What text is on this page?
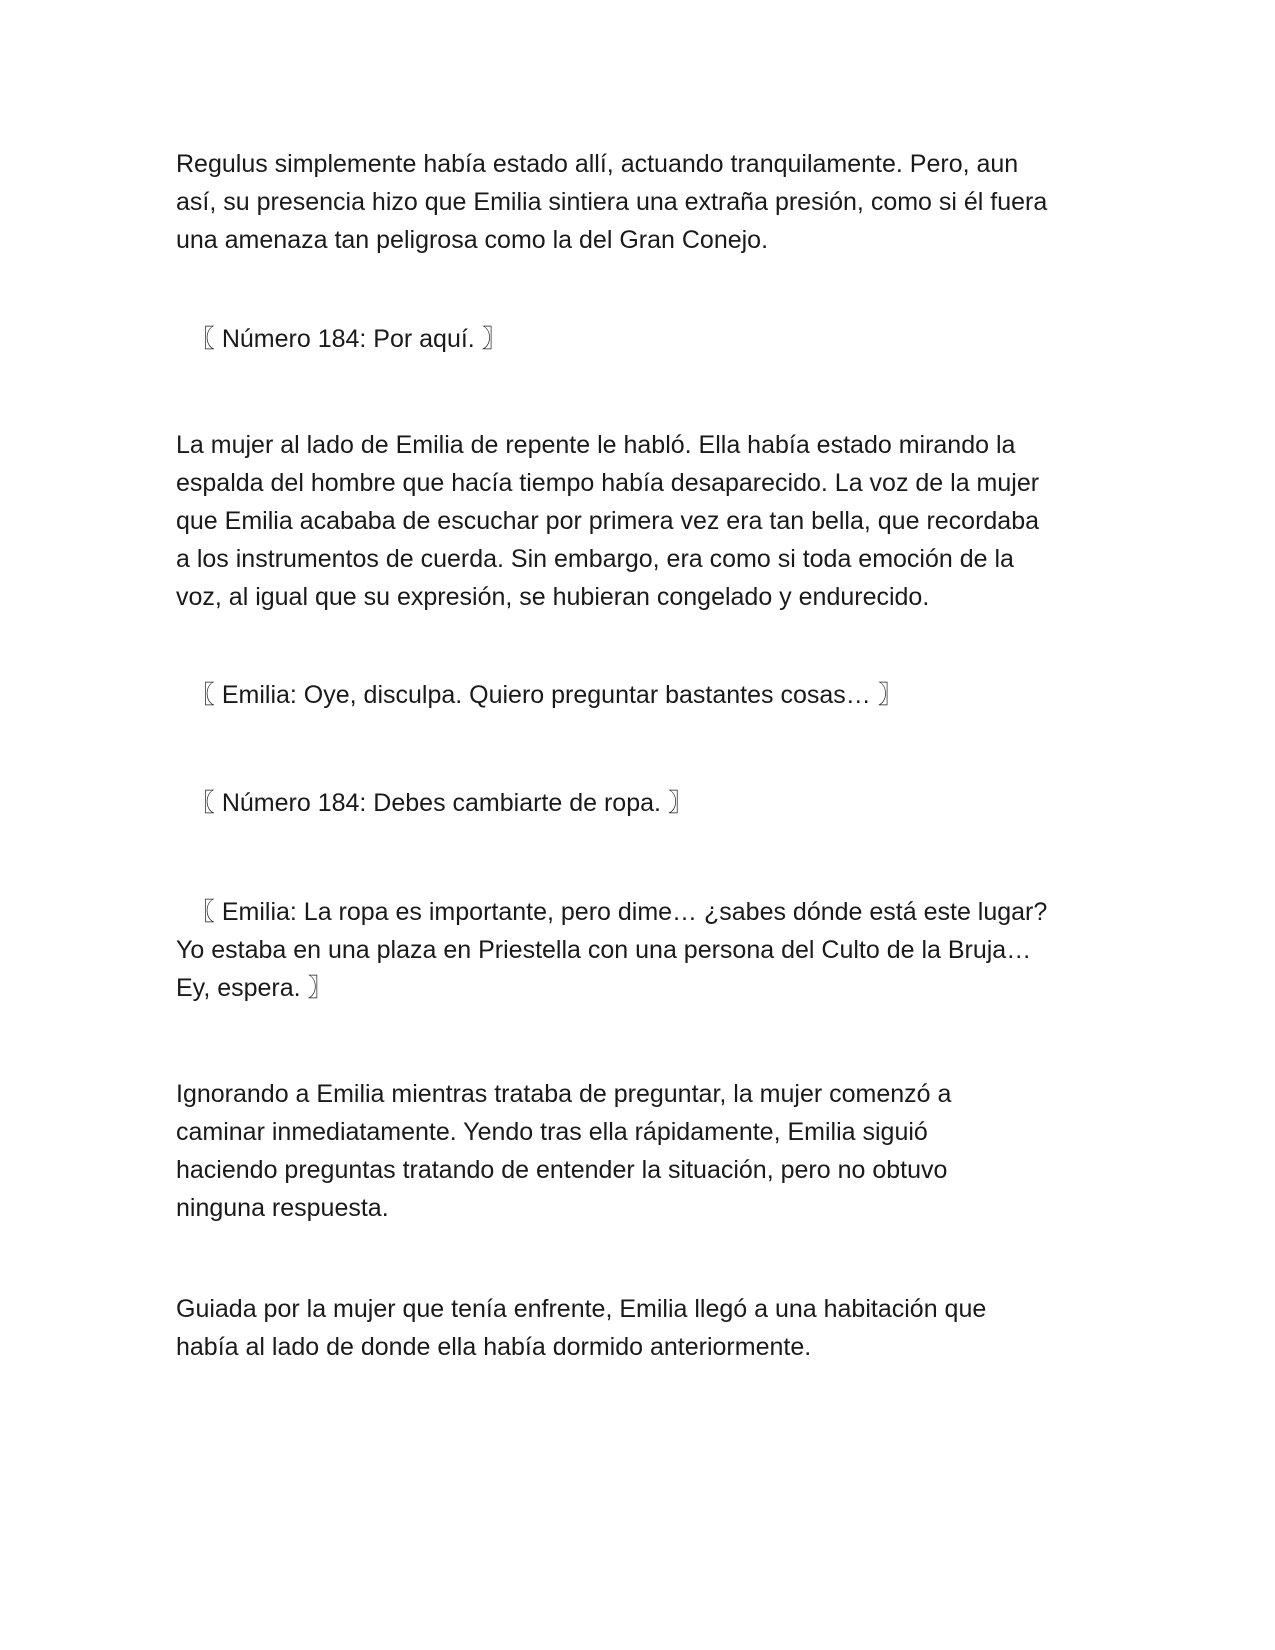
Regulus simplemente había estado allí, actuando tranquilamente. Pero, aun
así, su presencia hizo que Emilia sintiera una extraña presión, como si él fuera
una amenaza tan peligrosa como la del Gran Conejo.

〖 Número 184: Por aquí. 〗

La mujer al lado de Emilia de repente le habló. Ella había estado mirando la
espalda del hombre que hacía tiempo había desaparecido. La voz de la mujer
que Emilia acababa de escuchar por primera vez era tan bella, que recordaba
a los instrumentos de cuerda. Sin embargo, era como si toda emoción de la
voz, al igual que su expresión, se hubieran congelado y endurecido.

〖 Emilia: Oye, disculpa. Quiero preguntar bastantes cosas… 〗

〖 Número 184: Debes cambiarte de ropa. 〗

〖 Emilia: La ropa es importante, pero dime… ¿sabes dónde está este lugar?
Yo estaba en una plaza en Priestella con una persona del Culto de la Bruja…
Ey, espera. 〗

Ignorando a Emilia mientras trataba de preguntar, la mujer comenzó a
caminar inmediatamente. Yendo tras ella rápidamente, Emilia siguió
haciendo preguntas tratando de entender la situación, pero no obtuvo
ninguna respuesta.

Guiada por la mujer que tenía enfrente, Emilia llegó a una habitación que
había al lado de donde ella había dormido anteriormente.
